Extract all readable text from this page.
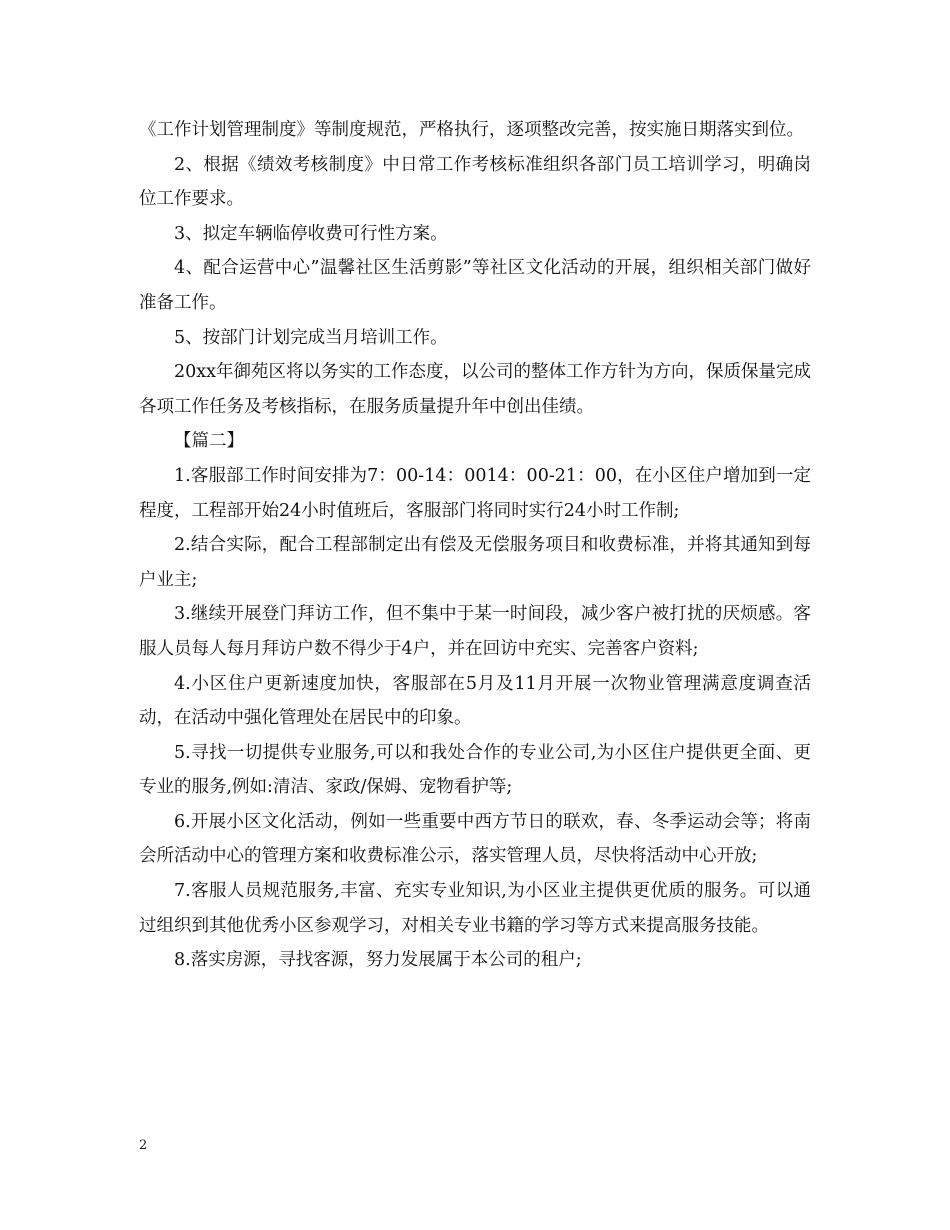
《工作计划管理制度》等制度规范，严格执行，逐项整改完善，按实施日期落实到位。

2、根据《绩效考核制度》中日常工作考核标准组织各部门员工培训学习，明确岗位工作要求。

3、拟定车辆临停收费可行性方案。

4、配合运营中心”温馨社区生活剪影”等社区文化活动的开展，组织相关部门做好准备工作。

5、按部门计划完成当月培训工作。

20xx年御苑区将以务实的工作态度，以公司的整体工作方针为方向，保质保量完成各项工作任务及考核指标，在服务质量提升年中创出佳绩。

【篇二】

1.客服部工作时间安排为7：00-14：0014：00-21：00，在小区住户增加到一定程度，工程部开始24小时值班后，客服部门将同时实行24小时工作制;

2.结合实际，配合工程部制定出有偿及无偿服务项目和收费标准，并将其通知到每户业主;

3.继续开展登门拜访工作，但不集中于某一时间段，减少客户被打扰的厌烦感。客服人员每人每月拜访户数不得少于4户，并在回访中充实、完善客户资料;

4.小区住户更新速度加快，客服部在5月及11月开展一次物业管理满意度调查活动，在活动中强化管理处在居民中的印象。

5.寻找一切提供专业服务,可以和我处合作的专业公司,为小区住户提供更全面、更专业的服务,例如:清洁、家政/保姆、宠物看护等;

6.开展小区文化活动，例如一些重要中西方节日的联欢，春、冬季运动会等；将南会所活动中心的管理方案和收费标准公示，落实管理人员，尽快将活动中心开放;

7.客服人员规范服务,丰富、充实专业知识,为小区业主提供更优质的服务。可以通过组织到其他优秀小区参观学习，对相关专业书籍的学习等方式来提高服务技能。

8.落实房源，寻找客源，努力发展属于本公司的租户;

2
